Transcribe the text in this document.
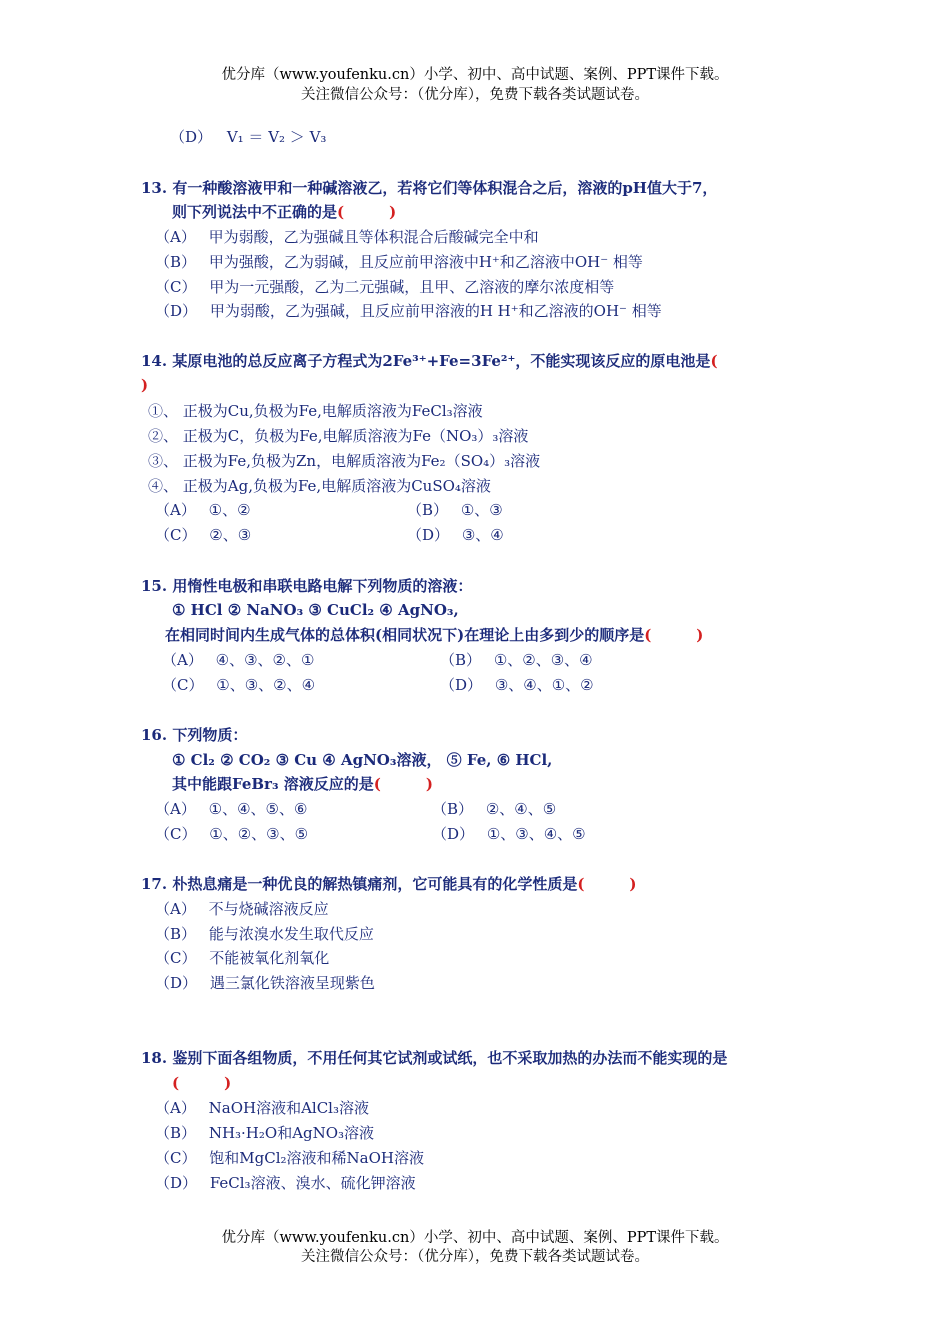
优分库（www.youfenku.cn）小学、初中、高中试题、案例、PPT课件下载。
关注微信公众号：（优分库），免费下载各类试题试卷。
（D） V₁ ＝ V₂ ＞ V₃
13. 有一种酸溶液甲和一种碱溶液乙，若将它们等体积混合之后，溶液的pH值大于7，
则下列说法中不正确的是(　　　)
（A） 甲为弱酸，乙为强碱且等体积混合后酸碱完全中和
（B） 甲为强酸，乙为弱碱，且反应前甲溶液中H⁺和乙溶液中OH⁻ 相等
（C） 甲为一元强酸，乙为二元强碱，且甲、乙溶液的摩尔浓度相等
（D） 甲为弱酸，乙为强碱，且反应前甲溶液的H H⁺和乙溶液的OH⁻ 相等
14. 某原电池的总反应离子方程式为2Fe³⁺+Fe=3Fe²⁺，不能实现该反应的原电池是(
)
①、 正极为Cu,负极为Fe,电解质溶液为FeCl₃溶液
②、 正极为C，负极为Fe,电解质溶液为Fe（NO₃）₃溶液
③、 正极为Fe,负极为Zn，电解质溶液为Fe₂（SO₄）₃溶液
④、 正极为Ag,负极为Fe,电解质溶液为CuSO₄溶液
（A） ①、②	（B） ①、③
（C） ②、③	（D） ③、④
15. 用惰性电极和串联电路电解下列物质的溶液：
① HCl ② NaNO₃ ③ CuCl₂ ④ AgNO₃,
在相同时间内生成气体的总体积(相同状况下)在理论上由多到少的顺序是(　　　)
（A） ④、③、②、①	（B） ①、②、③、④
（C） ①、③、②、④	（D） ③、④、①、②
16. 下列物质：
① Cl₂ ② CO₂ ③ Cu ④ AgNO₃溶液， ⑤ Fe, ⑥ HCl,
其中能跟FeBr₃ 溶液反应的是(　　　)
（A） ①、④、⑤、⑥	（B） ②、④、⑤
（C） ①、②、③、⑤	（D） ①、③、④、⑤
17. 朴热息痛是一种优良的解热镇痛剂，它可能具有的化学性质是(　　　)
（A） 不与烧碱溶液反应
（B） 能与浓溴水发生取代反应
（C） 不能被氧化剂氧化
（D） 遇三氯化铁溶液呈现紫色
18. 鉴别下面各组物质，不用任何其它试剂或试纸，也不采取加热的办法而不能实现的是
(　　　)
（A） NaOH溶液和AlCl₃溶液
（B） NH₃·H₂O和AgNO₃溶液
（C） 饱和MgCl₂溶液和稀NaOH溶液
（D） FeCl₃溶液、溴水、硫化钾溶液
优分库（www.youfenku.cn）小学、初中、高中试题、案例、PPT课件下载。
关注微信公众号：（优分库），免费下载各类试题试卷。
